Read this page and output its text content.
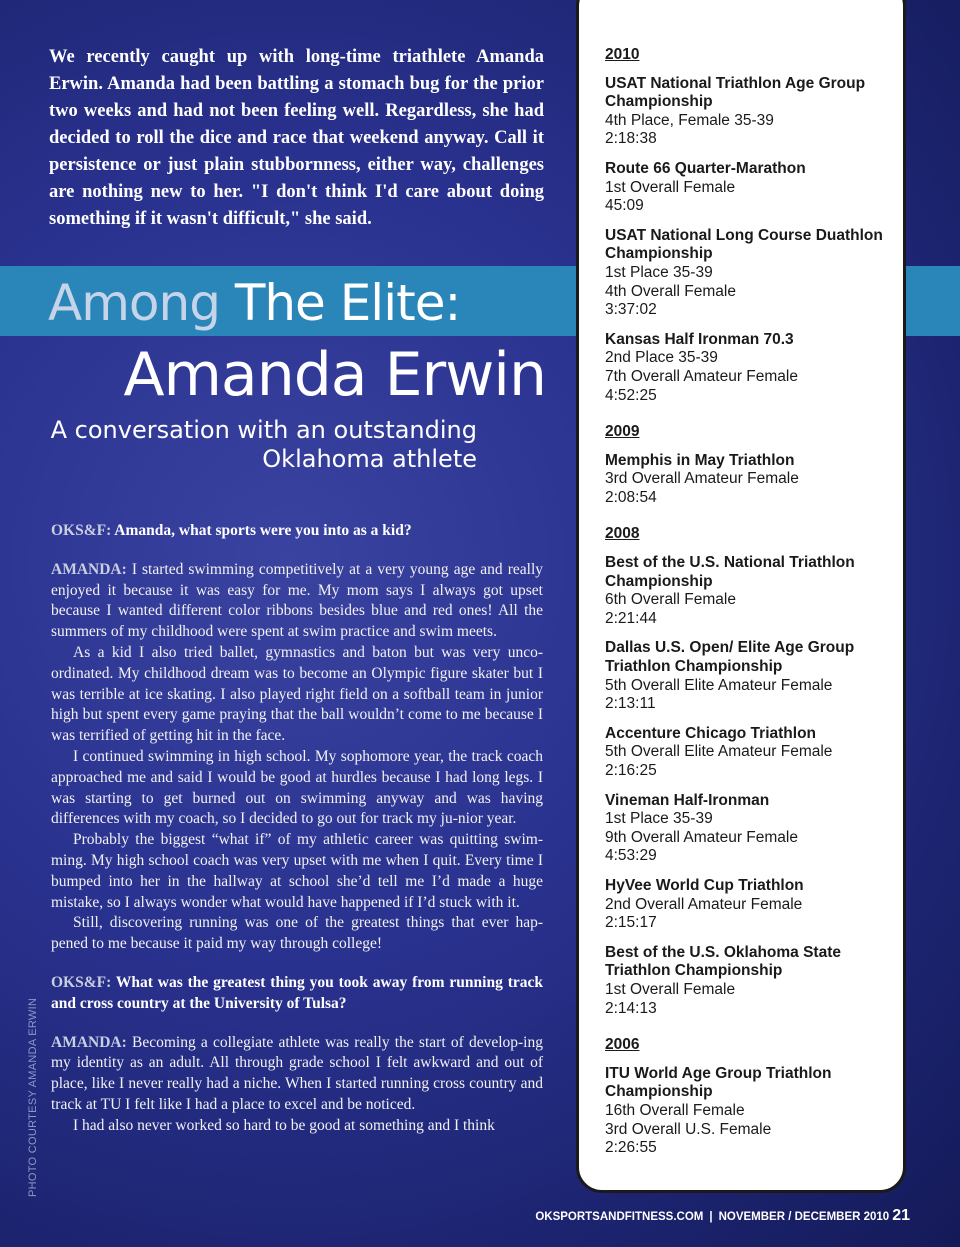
We recently caught up with long-time triathlete Amanda Erwin. Amanda had been battling a stomach bug for the prior two weeks and had not been feeling well. Regardless, she had decided to roll the dice and race that weekend anyway. Call it persistence or just plain stubbornness, either way, challenges are nothing new to her. "I don't think I'd care about doing something if it wasn't difficult," she said.
Among The Elite:
Amanda Erwin
A conversation with an outstanding
Oklahoma athlete

OKS&F: Amanda, what sports were you into as a kid?

AMANDA: I started swimming competitively at a very young age and really enjoyed it because it was easy for me. My mom says I always got upset because I wanted different color ribbons besides blue and red ones! All the summers of my childhood were spent at swim practice and swim meets.

As a kid I also tried ballet, gymnastics and baton but was very unco-ordinated. My childhood dream was to become an Olympic figure skater but I was terrible at ice skating. I also played right field on a softball team in junior high but spent every game praying that the ball wouldn’t come to me because I was terrified of getting hit in the face.

I continued swimming in high school. My sophomore year, the track coach approached me and said I would be good at hurdles because I had long legs. I was starting to get burned out on swimming anyway and was having differences with my coach, so I decided to go out for track my ju-nior year.

Probably the biggest “what if” of my athletic career was quitting swim-ming. My high school coach was very upset with me when I quit. Every time I bumped into her in the hallway at school she’d tell me I’d made a huge mistake, so I always wonder what would have happened if I’d stuck with it.

Still, discovering running was one of the greatest things that ever hap-pened to me because it paid my way through college!

OKS&F: What was the greatest thing you took away from running track and cross country at the University of Tulsa?

AMANDA: Becoming a collegiate athlete was really the start of develop-ing my identity as an adult. All through grade school I felt awkward and out of place, like I never really had a niche. When I started running cross country and track at TU I felt like I had a place to excel and be noticed.

I had also never worked so hard to be good at something and I think

2010
USAT National Triathlon Age Group Championship
4th Place, Female 35-39
2:18:38
Route 66 Quarter-Marathon
1st Overall Female
45:09
USAT National Long Course Duathlon Championship
1st Place 35-39
4th Overall Female
3:37:02
Kansas Half Ironman 70.3
2nd Place 35-39
7th Overall Amateur Female
4:52:25
2009
Memphis in May Triathlon
3rd Overall Amateur Female
2:08:54
2008
Best of the U.S. National Triathlon Championship
6th Overall Female
2:21:44
Dallas U.S. Open/ Elite Age Group Triathlon Championship
5th Overall Elite Amateur Female
2:13:11
Accenture Chicago Triathlon
5th Overall Elite Amateur Female
2:16:25
Vineman Half-Ironman
1st Place 35-39
9th Overall Amateur Female
4:53:29
HyVee World Cup Triathlon
2nd Overall Amateur Female
2:15:17
Best of the U.S. Oklahoma State Triathlon Championship
1st Overall Female
2:14:13
2006
ITU World Age Group Triathlon Championship
16th Overall Female
3rd Overall U.S. Female
2:26:55
PHOTO COURTESY AMANDA ERWIN
OKSPORTSANDFITNESS.COM | NOVEMBER / DECEMBER 2010 21
